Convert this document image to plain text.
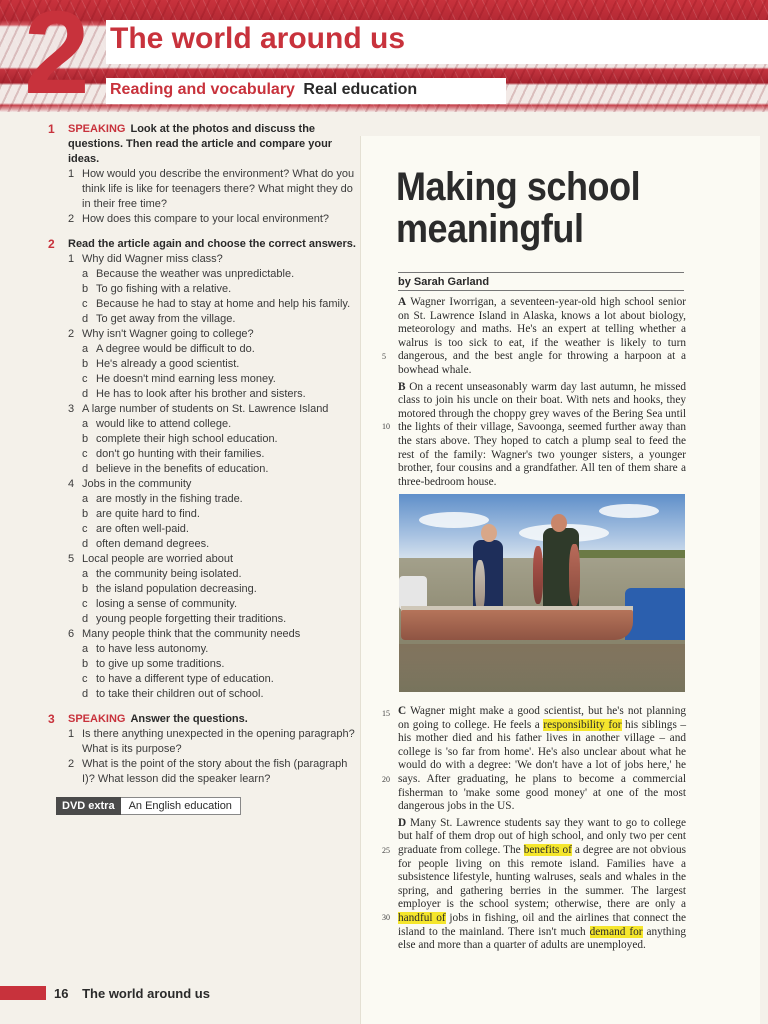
2 The world around us
Reading and vocabulary Real education
1	SPEAKING Look at the photos and discuss the questions. Then read the article and compare your ideas.
1 How would you describe the environment? What do you think life is like for teenagers there? What might they do in their free time?
2 How does this compare to your local environment?
2	Read the article again and choose the correct answers.
1 Why did Wagner miss class?
a Because the weather was unpredictable.
b To go fishing with a relative.
c Because he had to stay at home and help his family.
d To get away from the village.
2 Why isn't Wagner going to college?
a A degree would be difficult to do.
b He's already a good scientist.
c He doesn't mind earning less money.
d He has to look after his brother and sisters.
3 A large number of students on St. Lawrence Island
a would like to attend college.
b complete their high school education.
c don't go hunting with their families.
d believe in the benefits of education.
4 Jobs in the community
a are mostly in the fishing trade.
b are quite hard to find.
c are often well-paid.
d often demand degrees.
5 Local people are worried about
a the community being isolated.
b the island population decreasing.
c losing a sense of community.
d young people forgetting their traditions.
6 Many people think that the community needs
a to have less autonomy.
b to give up some traditions.
c to have a different type of education.
d to take their children out of school.
3	SPEAKING Answer the questions.
1 Is there anything unexpected in the opening paragraph? What is its purpose?
2 What is the point of the story about the fish (paragraph I)? What lesson did the speaker learn?
DVD extra	An English education
16 The world around us
Making school meaningful
by Sarah Garland

A Wagner Iworrigan, a seventeen-year-old high school senior on St. Lawrence Island in Alaska, knows a lot about biology, meteorology and maths. He's an expert at telling whether a walrus is too sick to eat, if the weather is likely to turn dangerous, and the best angle for throwing a harpoon at a bowhead whale.

B On a recent unseasonably warm day last autumn, he missed class to join his uncle on their boat. With nets and hooks, they motored through the choppy grey waves of the Bering Sea until the lights of their village, Savoonga, seemed further away than the stars above. They hoped to catch a plump seal to feed the rest of the family: Wagner's two younger sisters, a younger brother, four cousins and a grandfather. All ten of them share a three-bedroom house.

5
10
15
20
25
30

C Wagner might make a good scientist, but he's not planning on going to college. He feels a responsibility for his siblings – his mother died and his father lives in another village – and college is 'so far from home'. He's also unclear about what he would do with a degree: 'We don't have a lot of jobs here,' he says. After graduating, he plans to become a commercial fisherman to 'make some good money' at one of the most dangerous jobs in the US.

D Many St. Lawrence students say they want to go to college but half of them drop out of high school, and only two per cent graduate from college. The benefits of a degree are not obvious for people living on this remote island. Families have a subsistence lifestyle, hunting walruses, seals and whales in the spring, and gathering berries in the summer. The largest employer is the school system; otherwise, there are only a handful of jobs in fishing, oil and the airlines that connect the island to the mainland. There isn't much demand for anything else and more than a quarter of adults are unemployed.
